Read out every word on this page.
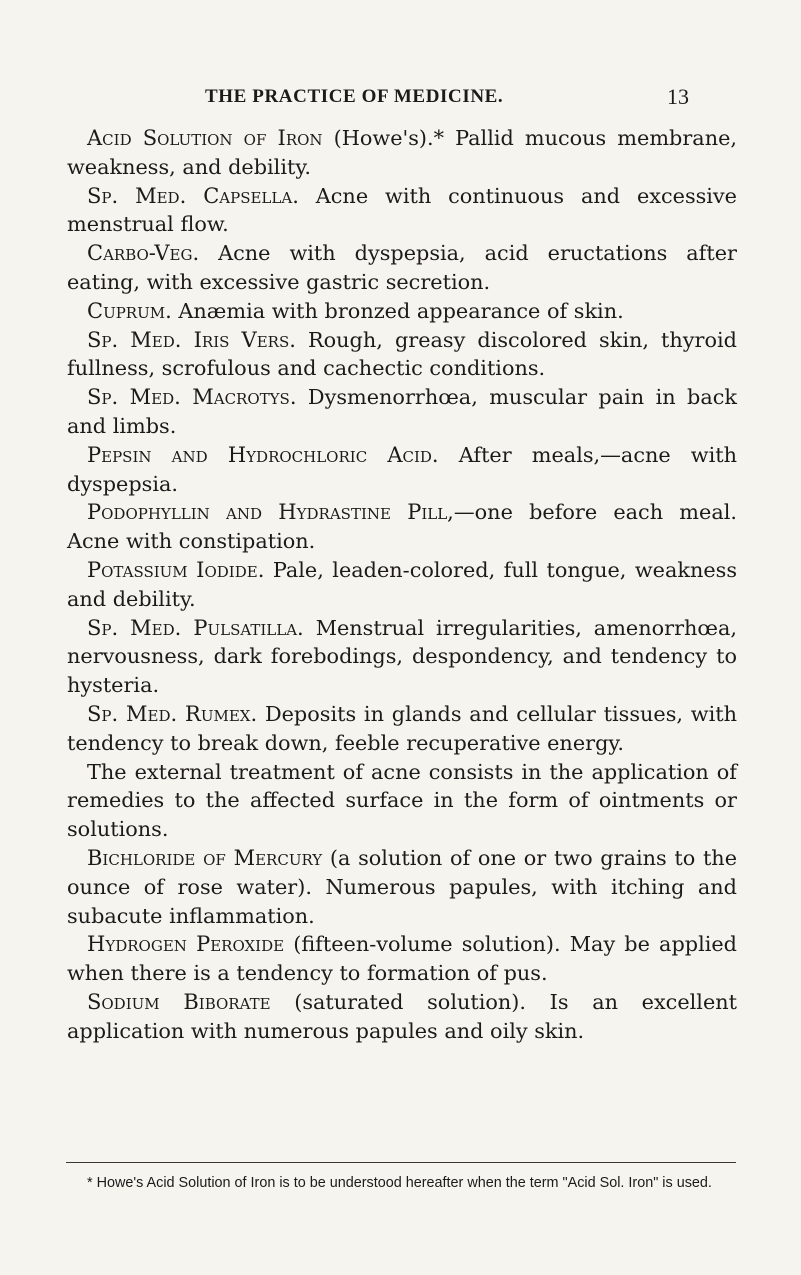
THE PRACTICE OF MEDICINE.	13

Acid Solution of Iron (Howe's).* Pallid mucous membrane, weakness, and debility.

Sp. Med. Capsella. Acne with continuous and excessive menstrual flow.

Carbo-Veg. Acne with dyspepsia, acid eructations after eating, with excessive gastric secretion.

Cuprum. Anæmia with bronzed appearance of skin.

Sp. Med. Iris Vers. Rough, greasy discolored skin, thyroid fullness, scrofulous and cachectic conditions.

Sp. Med. Macrotys. Dysmenorrhœa, muscular pain in back and limbs.

Pepsin and Hydrochloric Acid. After meals,—acne with dyspepsia.

Podophyllin and Hydrastine Pill,—one before each meal. Acne with constipation.

Potassium Iodide. Pale, leaden-colored, full tongue, weakness and debility.

Sp. Med. Pulsatilla. Menstrual irregularities, amenorrhœa, nervousness, dark forebodings, despondency, and tendency to hysteria.

Sp. Med. Rumex. Deposits in glands and cellular tissues, with tendency to break down, feeble recuperative energy.

The external treatment of acne consists in the application of remedies to the affected surface in the form of ointments or solutions.

Bichloride of Mercury (a solution of one or two grains to the ounce of rose water). Numerous papules, with itching and subacute inflammation.

Hydrogen Peroxide (fifteen-volume solution). May be applied when there is a tendency to formation of pus.

Sodium Biborate (saturated solution). Is an excellent application with numerous papules and oily skin.

* Howe's Acid Solution of Iron is to be understood hereafter when the term "Acid Sol. Iron" is used.
